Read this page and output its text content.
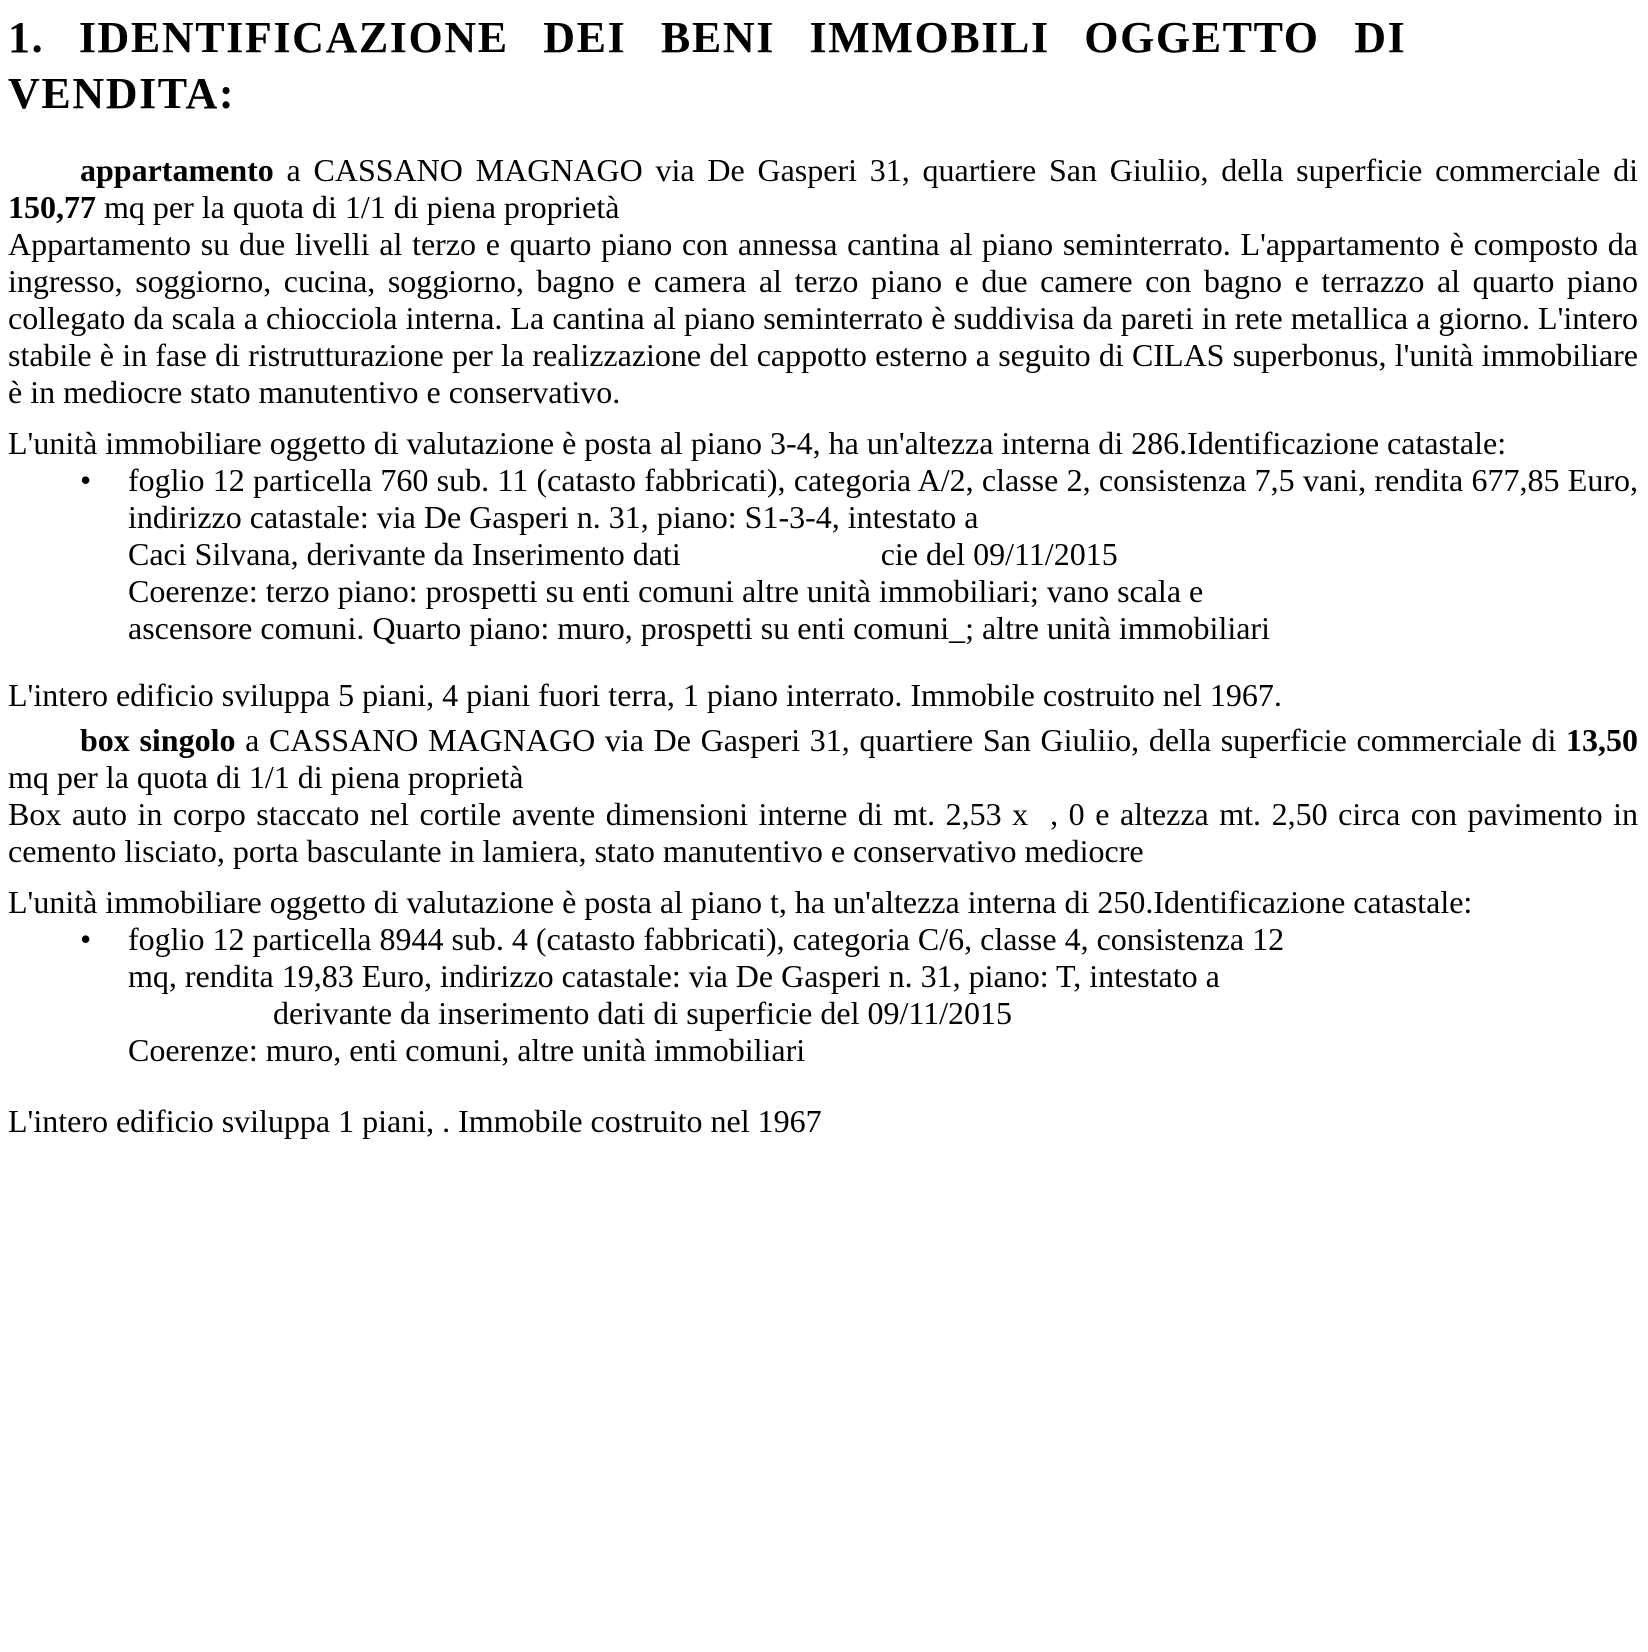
1. IDENTIFICAZIONE DEI BENI IMMOBILI OGGETTO DI
VENDITA:

appartamento a CASSANO MAGNAGO via De Gasperi 31, quartiere San Giuliio, della superficie commerciale di 150,77 mq per la quota di 1/1 di piena proprietà

Appartamento su due livelli al terzo e quarto piano con annessa cantina al piano seminterrato. L'appartamento è composto da ingresso, soggiorno, cucina, soggiorno, bagno e camera al terzo piano e due camere con bagno e terrazzo al quarto piano collegato da scala a chiocciola interna. La cantina al piano seminterrato è suddivisa da pareti in rete metallica a giorno. L'intero stabile è in fase di ristrutturazione per la realizzazione del cappotto esterno a seguito di CILAS superbonus, l'unità immobiliare è in mediocre stato manutentivo e conservativo.

L'unità immobiliare oggetto di valutazione è posta al piano 3-4, ha un'altezza interna di 286.Identificazione catastale:

• foglio 12 particella 760 sub. 11 (catasto fabbricati), categoria A/2, classe 2, consistenza 7,5 vani, rendita 677,85 Euro, indirizzo catastale: via De Gasperi n. 31, piano: S1-3-4, intestato a
Caci Silvana, derivante da Inserimento dati	cie del 09/11/2015
Coerenze: terzo piano: prospetti su enti comuni altre unità immobiliari; vano scala e
ascensore comuni. Quarto piano: muro, prospetti su enti comuni_; altre unità immobiliari

L'intero edificio sviluppa 5 piani, 4 piani fuori terra, 1 piano interrato. Immobile costruito nel 1967.

box singolo a CASSANO MAGNAGO via De Gasperi 31, quartiere San Giuliio, della superficie commerciale di 13,50 mq per la quota di 1/1 di piena proprietà

Box auto in corpo staccato nel cortile avente dimensioni interne di mt. 2,53 x , 0 e altezza mt. 2,50 circa con pavimento in cemento lisciato, porta basculante in lamiera, stato manutentivo e conservativo mediocre

L'unità immobiliare oggetto di valutazione è posta al piano t, ha un'altezza interna di 250.Identificazione catastale:

• foglio 12 particella 8944 sub. 4 (catasto fabbricati), categoria C/6, classe 4, consistenza 12
mq, rendita 19,83 Euro, indirizzo catastale: via De Gasperi n. 31, piano: T, intestato a
derivante da inserimento dati di superficie del 09/11/2015
Coerenze: muro, enti comuni, altre unità immobiliari

L'intero edificio sviluppa 1 piani, . Immobile costruito nel 1967
